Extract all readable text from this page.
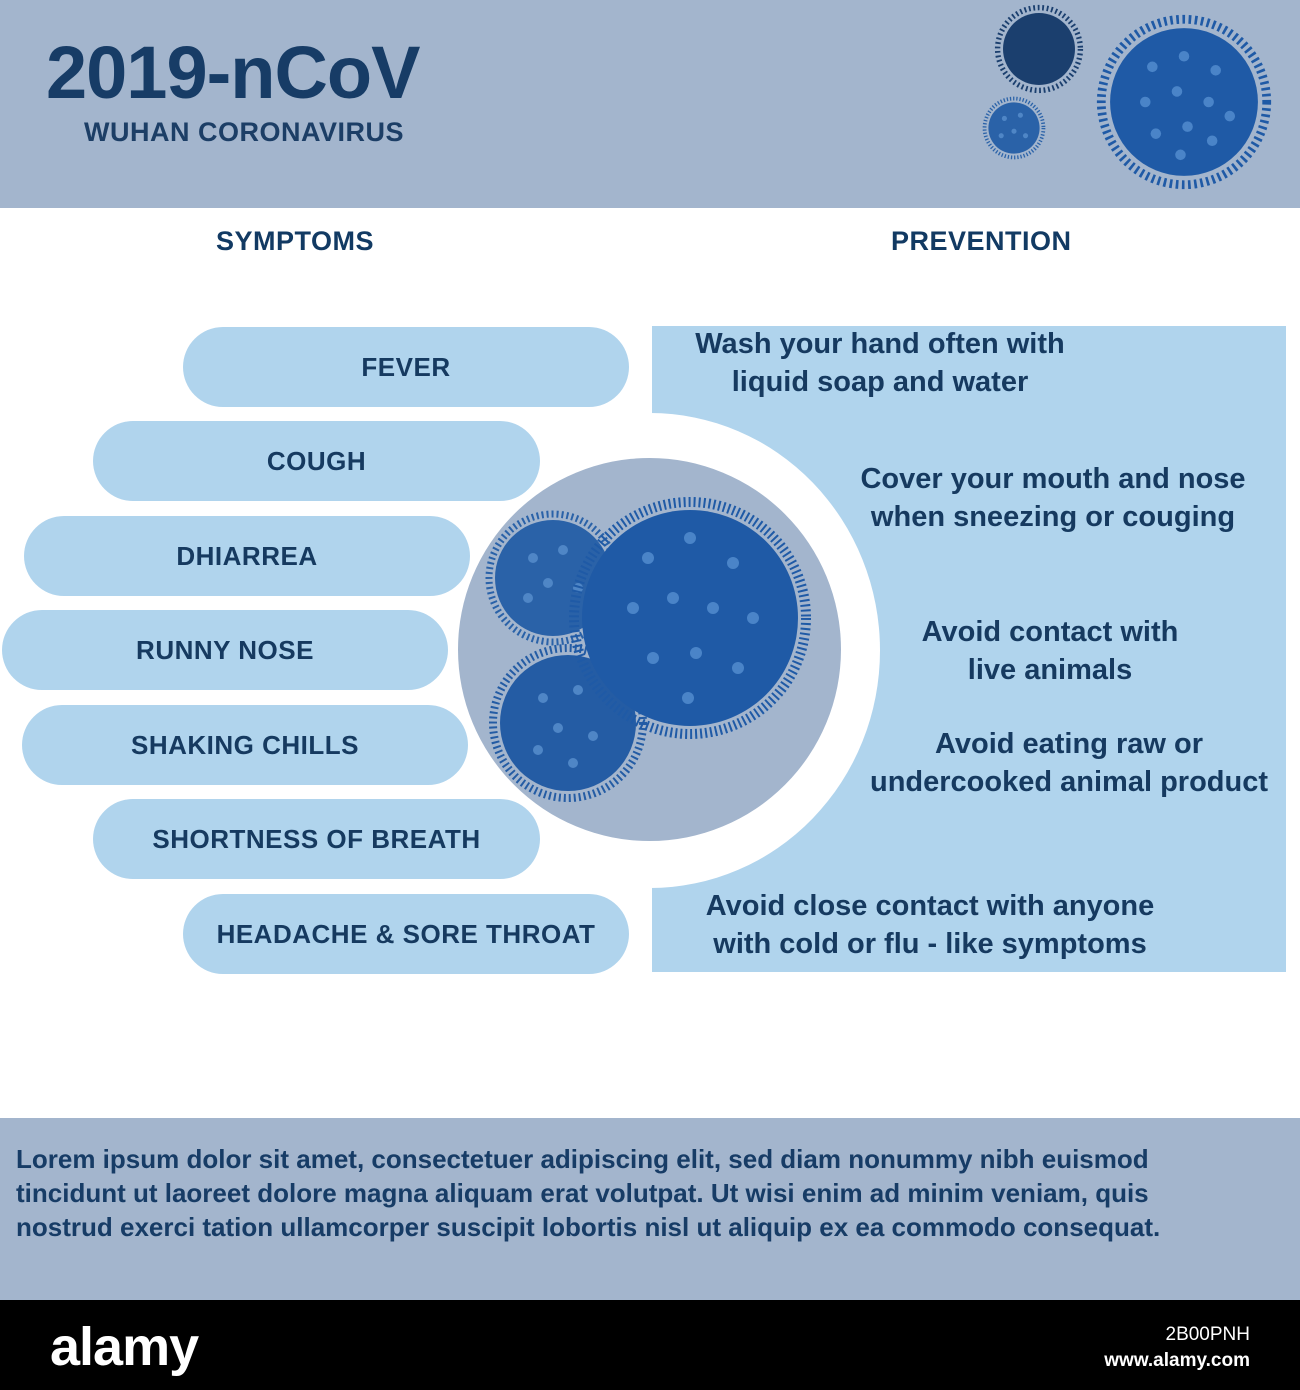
2019-nCoV
WUHAN CORONAVIRUS
SYMPTOMS	PREVENTION
FEVER
COUGH
DHIARREA
RUNNY NOSE
SHAKING CHILLS
SHORTNESS OF BREATH
HEADACHE & SORE THROAT
Wash your hand often with
liquid soap and water
Cover your mouth and nose
when sneezing or couging
Avoid contact with
live animals
Avoid eating raw or
undercooked animal product
Avoid close contact with anyone
with cold or flu - like symptoms
Lorem ipsum dolor sit amet, consectetuer adipiscing elit, sed diam nonummy nibh euismod
tincidunt ut laoreet dolore magna aliquam erat volutpat. Ut wisi enim ad minim veniam, quis
nostrud exerci tation ullamcorper suscipit lobortis nisl ut aliquip ex ea commodo consequat.
alamy	2B00PNH
www.alamy.com
